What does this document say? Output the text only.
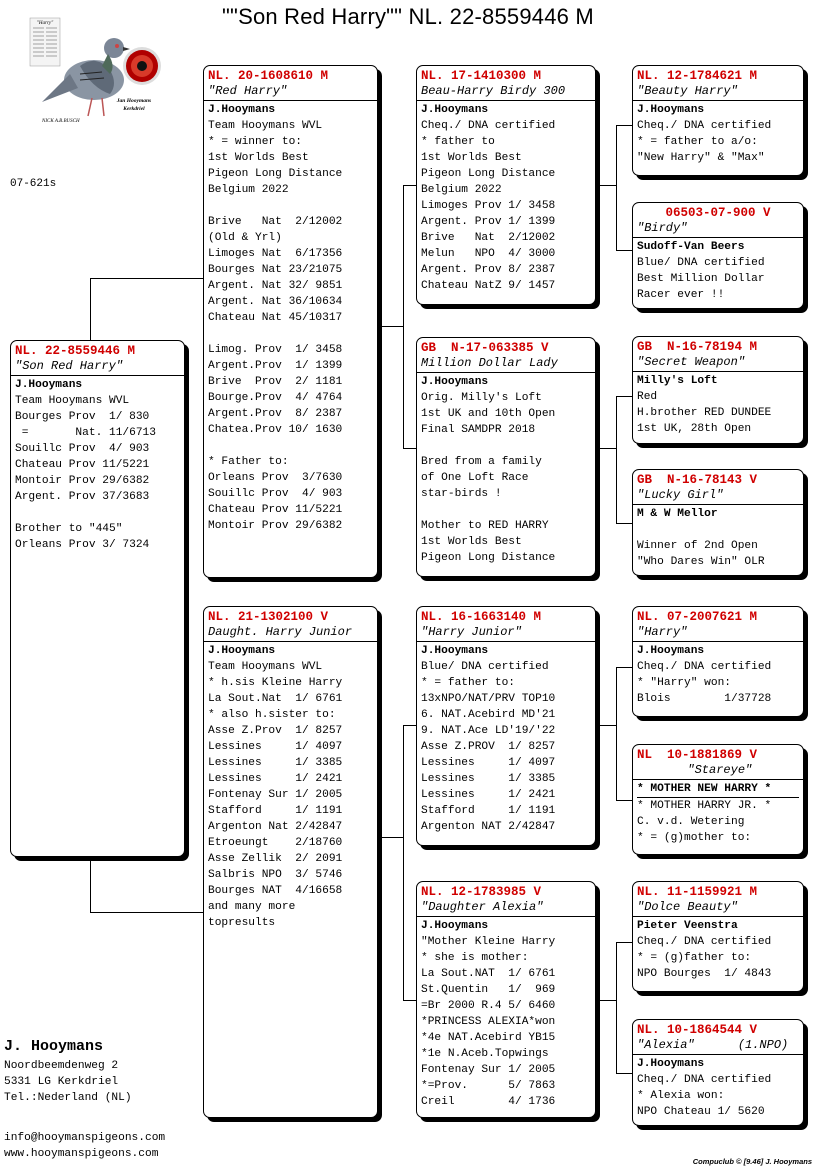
""Son Red Harry"" NL. 22-8559446 M
"Harry"
NICK A.B.BUSCH
Jan Hooymans
Kerkdriel
07-621s
NL. 22-8559446 M
"Son Red Harry"
J.Hooymans
Team Hooymans WVL
Bourges Prov  1/ 830
=       Nat. 11/6713
Souillc Prov  4/ 903
Chateau Prov 11/5221
Montoir Prov 29/6382
Argent. Prov 37/3683
Brother to "445"
Orleans Prov 3/ 7324
NL. 20-1608610 M
"Red Harry"
J.Hooymans
Team Hooymans WVL
* = winner to:
1st Worlds Best
Pigeon Long Distance
Belgium 2022
Brive   Nat  2/12002
(Old & Yrl)
Limoges Nat  6/17356
Bourges Nat 23/21075
Argent. Nat 32/ 9851
Argent. Nat 36/10634
Chateau Nat 45/10317
Limog. Prov  1/ 3458
Argent.Prov  1/ 1399
Brive  Prov  2/ 1181
Bourge.Prov  4/ 4764
Argent.Prov  8/ 2387
Chatea.Prov 10/ 1630
* Father to:
Orleans Prov  3/7630
Souillc Prov  4/ 903
Chateau Prov 11/5221
Montoir Prov 29/6382
NL. 21-1302100 V
Daught. Harry Junior
J.Hooymans
Team Hooymans WVL
* h.sis Kleine Harry
La Sout.Nat  1/ 6761
* also h.sister to:
Asse Z.Prov  1/ 8257
Lessines     1/ 4097
Lessines     1/ 3385
Lessines     1/ 2421
Fontenay Sur 1/ 2005
Stafford     1/ 1191
Argenton Nat 2/42847
Etroeungt    2/18760
Asse Zellik  2/ 2091
Salbris NPO  3/ 5746
Bourges NAT  4/16658
and many more
topresults
NL. 17-1410300 M
Beau-Harry Birdy 300
J.Hooymans
Cheq./ DNA certified
* father to
1st Worlds Best
Pigeon Long Distance
Belgium 2022
Limoges Prov 1/ 3458
Argent. Prov 1/ 1399
Brive   Nat  2/12002
Melun   NPO  4/ 3000
Argent. Prov 8/ 2387
Chateau NatZ 9/ 1457
GB  N-17-063385 V
Million Dollar Lady
J.Hooymans
Orig. Milly's Loft
1st UK and 10th Open
Final SAMDPR 2018
Bred from a family
of One Loft Race
star-birds !
Mother to RED HARRY
1st Worlds Best
Pigeon Long Distance
NL. 16-1663140 M
"Harry Junior"
J.Hooymans
Blue/ DNA certified
* = father to:
13xNPO/NAT/PRV TOP10
6. NAT.Acebird MD'21
9. NAT.Ace LD'19/'22
Asse Z.PROV  1/ 8257
Lessines     1/ 4097
Lessines     1/ 3385
Lessines     1/ 2421
Stafford     1/ 1191
Argenton NAT 2/42847
NL. 12-1783985 V
"Daughter Alexia"
J.Hooymans
"Mother Kleine Harry
* she is mother:
La Sout.NAT  1/ 6761
St.Quentin   1/  969
=Br 2000 R.4 5/ 6460
*PRINCESS ALEXIA*won
*4e NAT.Acebird YB15
*1e N.Aceb.Topwings
Fontenay Sur 1/ 2005
*=Prov.      5/ 7863
Creil        4/ 1736
NL. 12-1784621 M
"Beauty Harry"
J.Hooymans
Cheq./ DNA certified
* = father to a/o:
"New Harry" & "Max"
06503-07-900 V
"Birdy"
Sudoff-Van Beers
Blue/ DNA certified
Best Million Dollar
Racer ever !!
GB  N-16-78194 M
"Secret Weapon"
Milly's Loft
Red
H.brother RED DUNDEE
1st UK, 28th Open
GB  N-16-78143 V
"Lucky Girl"
M & W Mellor
Winner of 2nd Open
"Who Dares Win" OLR
NL. 07-2007621 M
"Harry"
J.Hooymans
Cheq./ DNA certified
* "Harry" won:
Blois        1/37728
NL  10-1881869 V
"Stareye"
* MOTHER NEW HARRY *
* MOTHER HARRY JR. *
C. v.d. Wetering
* = (g)mother to:
NL. 11-1159921 M
"Dolce Beauty"
Pieter Veenstra
Cheq./ DNA certified
* = (g)father to:
NPO Bourges  1/ 4843
NL. 10-1864544 V
"Alexia"      (1.NPO)
J.Hooymans
Cheq./ DNA certified
* Alexia won:
NPO Chateau 1/ 5620
J. Hooymans
Noordbeemdenweg 2
5331 LG Kerkdriel
Tel.:Nederland (NL)
info@hooymanspigeons.com
www.hooymanspigeons.com
Compuclub © [9.46] J. Hooymans
